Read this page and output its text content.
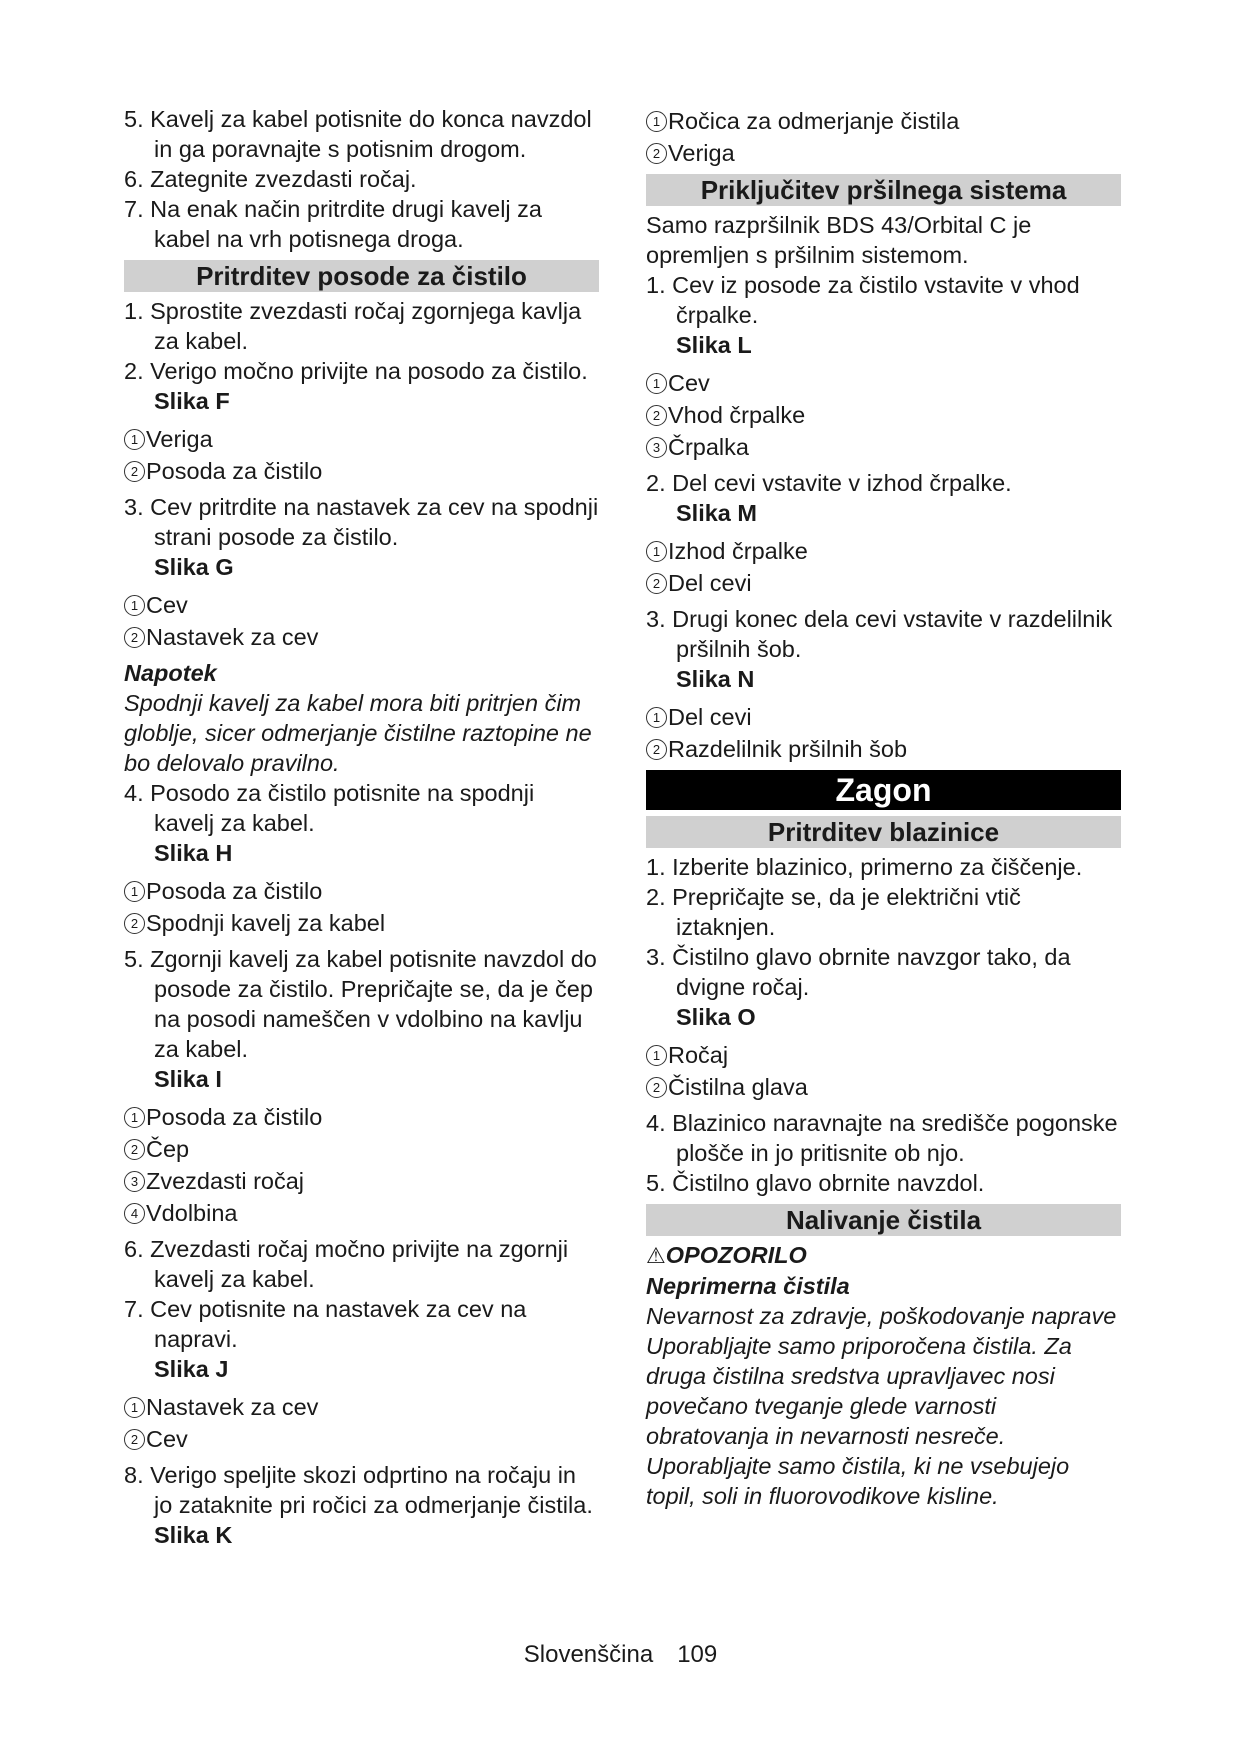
5. Kavelj za kabel potisnite do konca navzdol in ga poravnajte s potisnim drogom.
6. Zategnite zvezdasti ročaj.
7. Na enak način pritrdite drugi kavelj za kabel na vrh potisnega droga.
Pritrditev posode za čistilo
1. Sprostite zvezdasti ročaj zgornjega kavlja za kabel.
2. Verigo močno privijte na posodo za čistilo.
Slika F
1 Veriga
2 Posoda za čistilo
3. Cev pritrdite na nastavek za cev na spodnji strani posode za čistilo.
Slika G
1 Cev
2 Nastavek za cev
Napotek
Spodnji kavelj za kabel mora biti pritrjen čim globlje, sicer odmerjanje čistilne raztopine ne bo delovalo pravilno.
4. Posodo za čistilo potisnite na spodnji kavelj za kabel.
Slika H
1 Posoda za čistilo
2 Spodnji kavelj za kabel
5. Zgornji kavelj za kabel potisnite navzdol do posode za čistilo. Prepričajte se, da je čep na posodi nameščen v vdolbino na kavlju za kabel.
Slika I
1 Posoda za čistilo
2 Čep
3 Zvezdasti ročaj
4 Vdolbina
6. Zvezdasti ročaj močno privijte na zgornji kavelj za kabel.
7. Cev potisnite na nastavek za cev na napravi.
Slika J
1 Nastavek za cev
2 Cev
8. Verigo speljite skozi odprtino na ročaju in jo zataknite pri ročici za odmerjanje čistila.
Slika K
1 Ročica za odmerjanje čistila
2 Veriga
Priključitev pršilnega sistema
Samo razpršilnik BDS 43/Orbital C je opremljen s pršilnim sistemom.
1. Cev iz posode za čistilo vstavite v vhod črpalke.
Slika L
1 Cev
2 Vhod črpalke
3 Črpalka
2. Del cevi vstavite v izhod črpalke.
Slika M
1 Izhod črpalke
2 Del cevi
3. Drugi konec dela cevi vstavite v razdelilnik pršilnih šob.
Slika N
1 Del cevi
2 Razdelilnik pršilnih šob
Zagon
Pritrditev blazinice
1. Izberite blazinico, primerno za čiščenje.
2. Prepričajte se, da je električni vtič iztaknjen.
3. Čistilno glavo obrnite navzgor tako, da dvigne ročaj.
Slika O
1 Ročaj
2 Čistilna glava
4. Blazinico naravnajte na središče pogonske plošče in jo pritisnite ob njo.
5. Čistilno glavo obrnite navzdol.
Nalivanje čistila
⚠OPOZORILO
Neprimerna čistila
Nevarnost za zdravje, poškodovanje naprave
Uporabljajte samo priporočena čistila. Za druga čistilna sredstva upravljavec nosi povečano tveganje glede varnosti obratovanja in nevarnosti nesreče.
Uporabljajte samo čistila, ki ne vsebujejo topil, soli in fluorovodikove kisline.
Slovenščina 109
